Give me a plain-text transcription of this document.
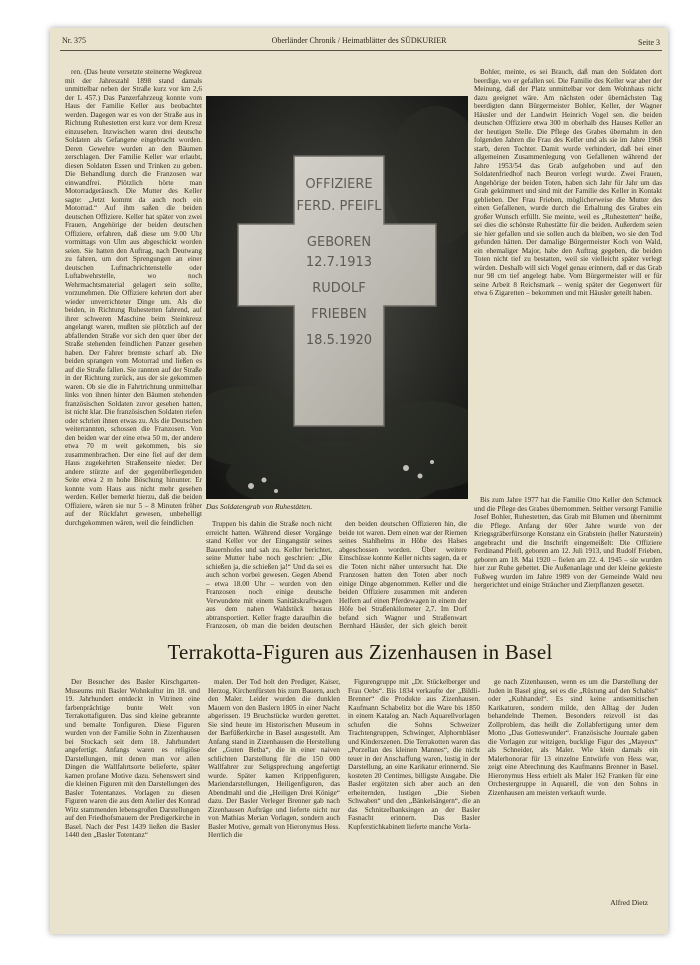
Nr. 375	Oberländer Chronik / Heimatblätter des SÜDKURIER	Seite 3

ren. (Das heute versetzte steinerne Wegkreuz mit der Jahreszahl 1898 stand damals unmittelbar neben der Straße kurz vor km 2,6 der L 457.) Das Panzerfahrzeug konnte vom Haus der Familie Keller aus beobachtet werden. Dagegen war es von der Straße aus in Richtung Ruhestetten erst kurz vor dem Kreuz einzusehen. Inzwischen waren drei deutsche Soldaten als Gefangene eingebracht worden. Deren Gewehre wurden an den Bäumen zerschlagen. Der Familie Keller war erlaubt, diesen Soldaten Essen und Trinken zu geben. Die Behandlung durch die Franzosen war einwandfrei. Plötzlich hörte man Motorradgeräusch. Die Mutter des Keller sagte: „Jetzt kommt da auch noch ein Motorrad.“ Auf ihm saßen die beiden deutschen Offiziere. Keller hat später von zwei Frauen, Angehörige der beiden deutschen Offiziere, erfahren, daß diese um 9.00 Uhr vormittags von Ulm aus abgeschickt worden seien. Sie hatten den Auftrag, nach Deutwang zu fahren, um dort Sprengungen an einer deutschen Luftnachrichtenstelle oder Luftabwehrstelle, wo noch Wehrmachtsmaterial gelagert sein sollte, vorzunehmen. Die Offiziere kehrten dort aber wieder unverrichteter Dinge um. Als die beiden, in Richtung Ruhestetten fahrend, auf ihrer schweren Maschine beim Steinkreuz angelangt waren, mußten sie plötzlich auf der abfallenden Straße vor sich den quer über der Straße stehenden feindlichen Panzer gesehen haben. Der Fahrer bremste scharf ab. Die beiden sprangen vom Motorrad und ließen es auf die Straße fallen. Sie rannten auf der Straße in der Richtung zurück, aus der sie gekommen waren. Ob sie die in Fahrtrichtung unmittelbar links von ihnen hinter den Bäumen stehenden französischen Soldaten zuvor gesehen hatten, ist nicht klar. Die französischen Soldaten riefen oder schrien ihnen etwas zu. Als die Deutschen weiterrannten, schossen die Franzosen. Von den beiden war der eine etwa 50 m, der andere etwa 70 m weit gekommen, bis sie zusammenbrachen. Der eine fiel auf der dem Haus zugekehrten Straßenseite nieder. Der andere stürzte auf der gegenüberliegenden Seite etwa 2 m hohe Böschung hinunter. Er konnte vom Haus aus nicht mehr gesehen werden. Keller bemerkt hierzu, daß die beiden Offiziere, wären sie nur 5 – 8 Minuten früher auf der Rückfahrt gewesen, unbehelligt durchgekommen wären, weil die feindlichen

OFFIZIERE
FERD. PFEIFL
GEBOREN
12.7.1913
RUDOLF
FRIEBEN
18.5.1920
Das Soldatengrab von Ruhestätten.

Bohler, meinte, es sei Brauch, daß man den Soldaten dort beerdige, wo er gefallen sei. Die Familie des Keller war aber der Meinung, daß der Platz unmittelbar vor dem Wohnhaus nicht dazu geeignet wäre. Am nächsten oder übernächsten Tag beerdigten dann Bürgermeister Bohler, Keller, der Wagner Häusler und der Landwirt Heinrich Vogel sen. die beiden deutschen Offiziere etwa 300 m oberhalb des Hauses Keller an der heutigen Stelle. Die Pflege des Grabes übernahm in den folgenden Jahren die Frau des Keller und als sie im Jahre 1968 starb, deren Tochter. Damit wurde verhindert, daß bei einer allgemeinen Zusammenlegung von Gefallenen während der Jahre 1953/54 das Grab aufgehoben und auf den Soldatenfriedhof nach Beuron verlegt wurde. Zwei Frauen, Angehörige der beiden Toten, haben sich Jahr für Jahr um das Grab gekümmert und sind mit der Familie des Keller in Kontakt geblieben. Der Frau Frieben, möglicherweise die Mutter des einen Gefallenen, wurde durch die Erhaltung des Grabes ein großer Wunsch erfüllt. Sie meinte, weil es „Ruhestetten“ heiße, sei dies die schönste Ruhestätte für die beiden. Außerdem seien sie hier gefallen und sie sollen auch da bleiben, wo sie den Tod gefunden hätten. Der damalige Bürgermeister Koch von Wald, ein ehemaliger Major, habe den Auftrag gegeben, die beiden Toten nicht tief zu bestatten, weil sie vielleicht später verlegt würden. Deshalb will sich Vogel genau erinnern, daß er das Grab nur 98 cm tief angelegt habe. Vom Bürgermeister will er für seine Arbeit 8 Reichsmark – wenig später der Gegenwert für etwa 6 Zigaretten – bekommen und mit Häusler geteilt haben.

Truppen bis dahin die Straße noch nicht erreicht hatten. Während dieser Vorgänge stand Keller vor der Eingangstür seines Bauernhofes und sah zu. Keller berichtet, seine Mutter habe noch geschrien: „Die schießen ja, die schießen ja!“ Und da sei es auch schon vorbei gewesen. Gegen Abend – etwa 18.00 Uhr – wurden von den Franzosen noch einige deutsche Verwundete mit einem Sanitätskraftwagen aus dem nahen Waldstück heraus abtransportiert. Keller fragte daraufhin die Franzosen, ob man die beiden deutschen

den beiden deutschen Offizieren hin, die beide tot waren. Dem einen war der Riemen seines Stahlhelms in Höhe des Halses abgeschossen worden. Über weitere Einschüsse konnte Keller nichts sagen, da er die Toten nicht näher untersucht hat. Die Franzosen hatten den Toten aber noch einige Dinge abgenommen. Keller und die beiden Offiziere zusammen mit anderen Helfern auf einen Pferdewagen in einem der Höfe bei Straßenkilometer 2,7. Im Dorf befand sich Wagner und Straßenwart Bernhard Häusler, der sich gleich bereit

Bis zum Jahre 1977 hat die Familie Otto Keller den Schmuck und die Pflege des Grabes übernommen. Seither versorgt Familie Josef Bohler, Ruhestetten, das Grab mit Blumen und übernimmt die Pflege. Anfang der 60er Jahre wurde von der Kriegsgräberfürsorge Konstanz ein Grabstein (heller Naturstein) angebracht und die Inschrift eingemeißelt: Die Offiziere Ferdinand Pfeifl, geboren am 12. Juli 1913, und Rudolf Frieben, geboren am 18. Mai 1920 – fielen am 22. 4. 1945 – sie wurden hier zur Ruhe gebettet. Die Außenanlage und der kleine gekieste Fußweg wurden im Jahre 1989 von der Gemeinde Wald neu hergerichtet und einige Sträucher und Zierpflanzen gesetzt.

Terrakotta-Figuren aus Zizenhausen in Basel

Der Besucher des Basler Kirschgarten-Museums mit Basler Wohnkultur im 18. und 19. Jahrhundert entdeckt in Vitrinen eine farbenprächtige bunte Welt von Terrakottafiguren. Das sind kleine gebrannte und bemalte Tonfiguren. Diese Figuren wurden von der Familie Sohn in Zizenhausen bei Stockach seit dem 18. Jahrhundert angefertigt. Anfangs waren es religiöse Darstellungen, mit denen man vor allen Dingen die Wallfahrtsorte belieferte, später kamen profane Motive dazu. Sehenswert sind die kleinen Figuren mit den Darstellungen des Basler Totentanzes. Vorlagen zu diesen Figuren waren die aus dem Atelier des Konrad Witz stammenden lebensgroßen Darstellungen auf den Friedhofsmauern der Predigerkirche in Basel. Nach der Pest 1439 ließen die Basler 1440 den „Basler Totentanz“

malen. Der Tod holt den Prediger, Kaiser, Herzog, Kirchenfürsten bis zum Bauern, auch den Maler. Leider wurden die dunklen Mauern von den Baslern 1805 in einer Nacht abgerissen. 19 Bruchstücke wurden gerettet. Sie sind heute im Historischen Museum in der Barfüßerkirche in Basel ausgestellt. Am Anfang stand in Zizenhausen die Herstellung der „Guten Betha“, die in einer naiven schlichten Darstellung für die 150 000 Wallfahrer zur Seligsprechung angefertigt wurde. Später kamen Krippenfiguren, Mariendarstellungen, Heiligenfiguren, das Abendmahl und die „Heiligen Drei Könige“ dazu. Der Basler Verleger Brenner gab nach Zizenhausen Aufträge und lieferte nicht nur von Mathias Merian Vorlagen, sondern auch Basler Motive, gemalt von Hieronymus Hess. Herrlich die

Figurengruppe mit „Dr. Stückelberger und Frau Oebs“. Bis 1834 verkaufte der „Bildli-Brenner“ die Produkte aus Zizenhausen. Kaufmann Schabelitz bot die Ware bis 1850 in einem Katalog an. Nach Aquarellvorlagen schufen die Sohns Schweizer Trachtengruppen, Schwinger, Alphornbläser und Kinderszenen. Die Terrakotten waren das „Porzellan des kleinen Mannes“, die nicht teuer in der Anschaffung waren, lustig in der Darstellung, an eine Karikatur erinnernd. Sie kosteten 20 Centimes, billigste Ausgabe. Die Basler ergötzten sich aber auch an den erheiternden, lustigen „Die Sieben Schwaben“ und den „Bänkelsängern“, die an das Schnitzelbanksingen an der Basler Fasnacht erinnern. Das Basler Kupferstichkabinett lieferte manche Vorla-

ge nach Zizenhausen, wenn es um die Darstellung der Juden in Basel ging, sei es die „Rüstung auf den Schabis“ oder „Kuhhandel“. Es sind keine antisemitischen Karikaturen, sondern milde, den Alltag der Juden behandelnde Themen. Besonders reizvoll ist das Zollproblem, das heißt die Zollabfertigung unter dem Motto „Das Gotteswunder“. Französische Journale gaben die Vorlagen zur witzigen, bucklige Figur des „Mayeux“ als Schneider, als Maler. Wie klein damals ein Malerhonorar für 13 einzelne Entwürfe von Hess war, zeigt eine Abrechnung des Kaufmanns Brenner in Basel. Hieronymus Hess erhielt als Maler 162 Franken für eine Orchestergruppe in Aquarell, die von den Sohns in Zizenhausen am meisten verkauft wurde.

Alfred Dietz
